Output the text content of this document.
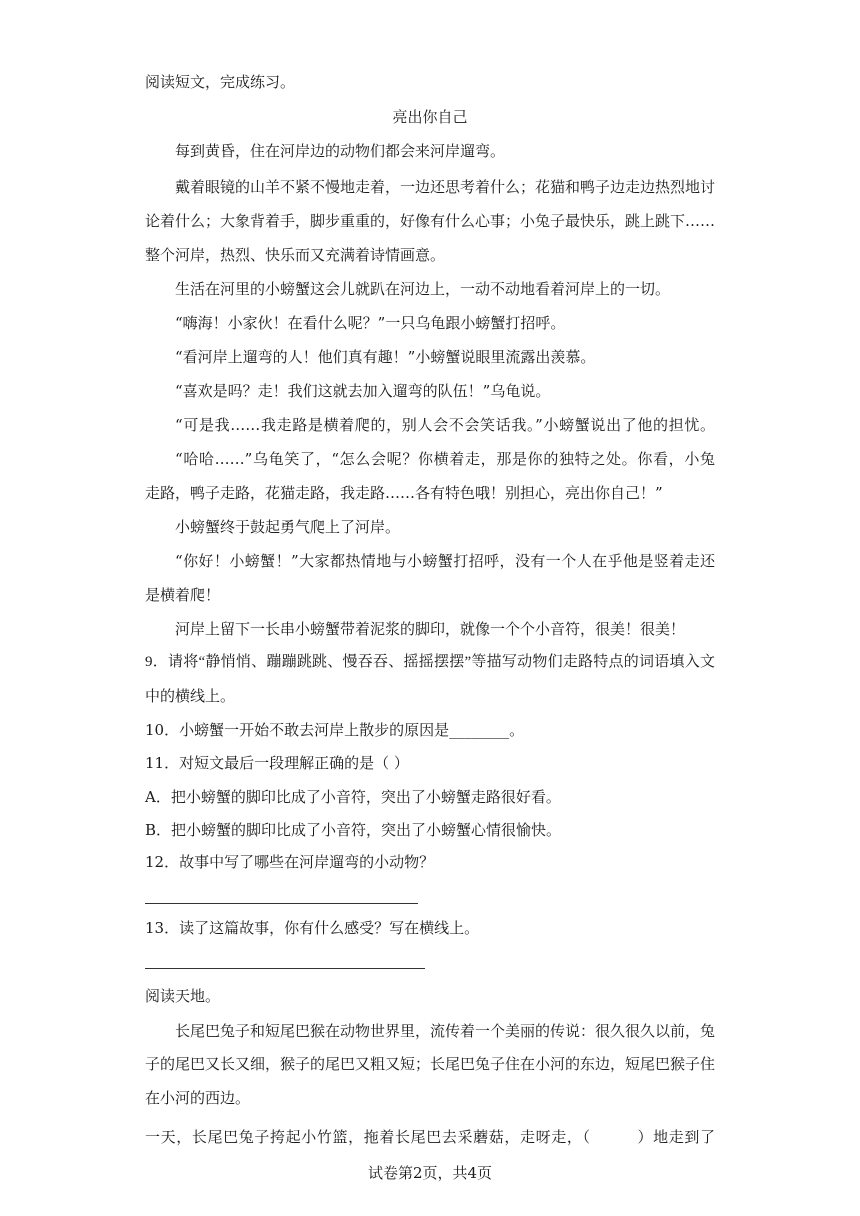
阅读短文，完成练习。
亮出你自己
每到黄昏，住在河岸边的动物们都会来河岸遛弯。
戴着眼镜的山羊不紧不慢地走着，一边还思考着什么；花猫和鸭子边走边热烈地讨
论着什么；大象背着手，脚步重重的，好像有什么心事；小兔子最快乐，跳上跳下……
整个河岸，热烈、快乐而又充满着诗情画意。
生活在河里的小螃蟹这会儿就趴在河边上，一动不动地看着河岸上的一切。
“嗨海！小家伙！在看什么呢？”一只乌龟跟小螃蟹打招呼。
“看河岸上遛弯的人！他们真有趣！”小螃蟹说眼里流露出羡慕。
“喜欢是吗？走！我们这就去加入遛弯的队伍！”乌龟说。
“可是我……我走路是横着爬的，别人会不会笑话我。”小螃蟹说出了他的担忧。
“哈哈……”乌龟笑了，“怎么会呢？你横着走，那是你的独特之处。你看，小兔
走路，鸭子走路，花猫走路，我走路……各有特色哦！别担心，亮出你自己！”
小螃蟹终于鼓起勇气爬上了河岸。
“你好！小螃蟹！”大家都热情地与小螃蟹打招呼，没有一个人在乎他是竖着走还
是横着爬！
河岸上留下一长串小螃蟹带着泥浆的脚印，就像一个个小音符，很美！很美！
9．请将“静悄悄、蹦蹦跳跳、慢吞吞、摇摇摆摆”等描写动物们走路特点的词语填入文
中的横线上。
10．小螃蟹一开始不敢去河岸上散步的原因是________。
11．对短文最后一段理解正确的是（ ）
A．把小螃蟹的脚印比成了小音符，突出了小螃蟹走路很好看。
B．把小螃蟹的脚印比成了小音符，突出了小螃蟹心情很愉快。
12．故事中写了哪些在河岸遛弯的小动物？
13．读了这篇故事，你有什么感受？写在横线上。
阅读天地。
长尾巴兔子和短尾巴猴在动物世界里，流传着一个美丽的传说：很久很久以前，兔
子的尾巴又长又细，猴子的尾巴又粗又短；长尾巴兔子住在小河的东边，短尾巴猴子住
在小河的西边。
一天，长尾巴兔子挎起小竹篮，拖着长尾巴去采蘑菇，走呀走，（　　　）地走到了
试卷第2页，共4页
